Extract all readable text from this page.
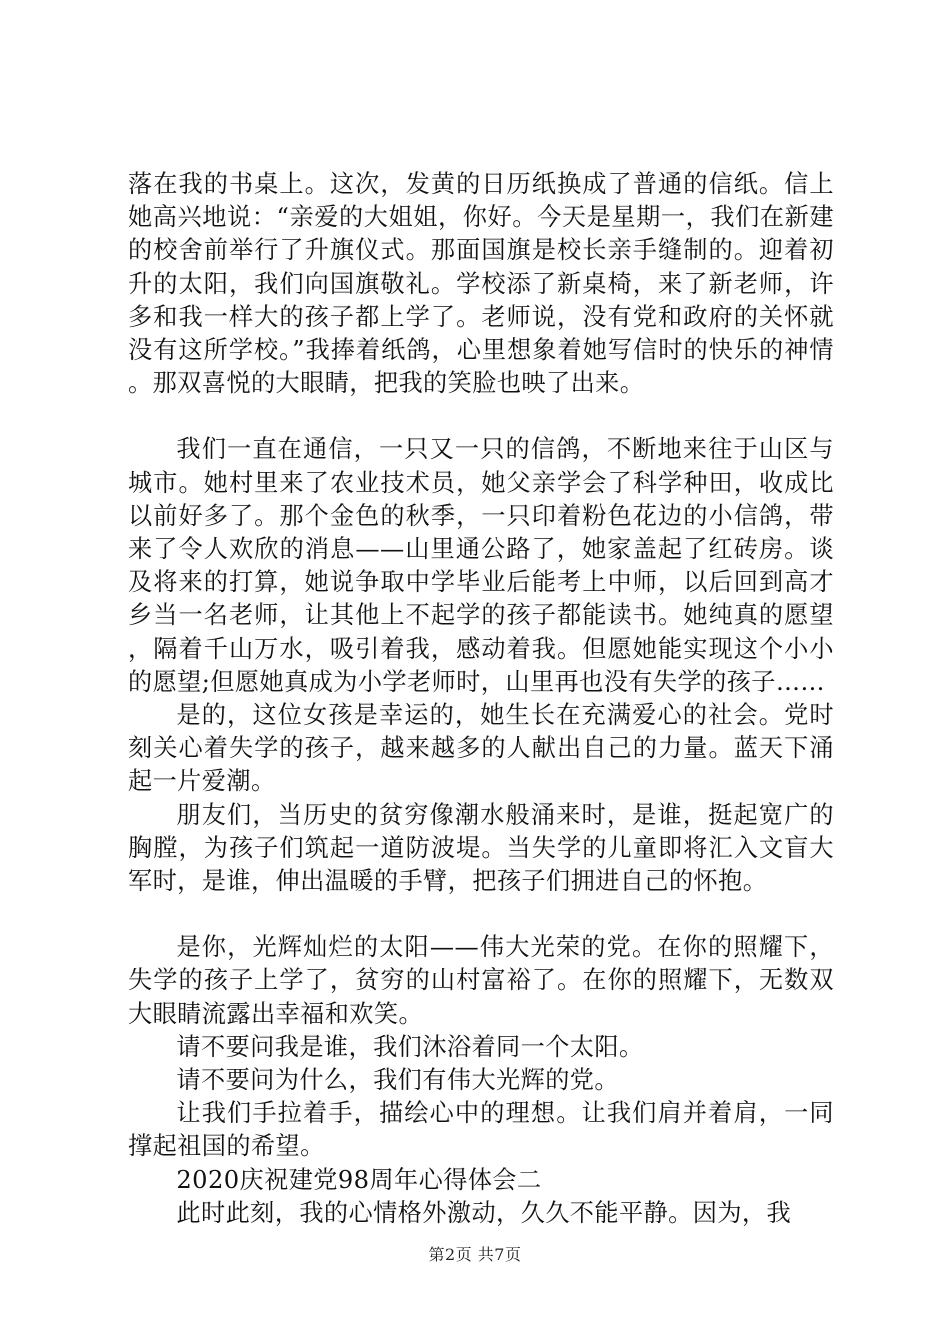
落在我的书桌上。这次，发黄的日历纸换成了普通的信纸。信上她高兴地说：“亲爱的大姐姐，你好。今天是星期一，我们在新建的校舍前举行了升旗仪式。那面国旗是校长亲手缝制的。迎着初升的太阳，我们向国旗敬礼。学校添了新桌椅，来了新老师，许多和我一样大的孩子都上学了。老师说，没有党和政府的关怀就没有这所学校。”我捧着纸鸽，心里想象着她写信时的快乐的神情。那双喜悦的大眼睛，把我的笑脸也映了出来。

我们一直在通信，一只又一只的信鸽，不断地来往于山区与城市。她村里来了农业技术员，她父亲学会了科学种田，收成比以前好多了。那个金色的秋季，一只印着粉色花边的小信鸽，带来了令人欢欣的消息——山里通公路了，她家盖起了红砖房。谈及将来的打算，她说争取中学毕业后能考上中师，以后回到高才乡当一名老师，让其他上不起学的孩子都能读书。她纯真的愿望，隔着千山万水，吸引着我，感动着我。但愿她能实现这个小小的愿望;但愿她真成为小学老师时，山里再也没有失学的孩子……

是的，这位女孩是幸运的，她生长在充满爱心的社会。党时刻关心着失学的孩子，越来越多的人献出自己的力量。蓝天下涌起一片爱潮。

朋友们，当历史的贫穷像潮水般涌来时，是谁，挺起宽广的胸膛，为孩子们筑起一道防波堤。当失学的儿童即将汇入文盲大军时，是谁，伸出温暖的手臂，把孩子们拥进自己的怀抱。

是你，光辉灿烂的太阳——伟大光荣的党。在你的照耀下，失学的孩子上学了，贫穷的山村富裕了。在你的照耀下，无数双大眼睛流露出幸福和欢笑。

请不要问我是谁，我们沐浴着同一个太阳。

请不要问为什么，我们有伟大光辉的党。

让我们手拉着手，描绘心中的理想。让我们肩并着肩，一同撑起祖国的希望。

2020庆祝建党98周年心得体会二

此时此刻，我的心情格外激动，久久不能平静。因为，我

第2页 共7页
